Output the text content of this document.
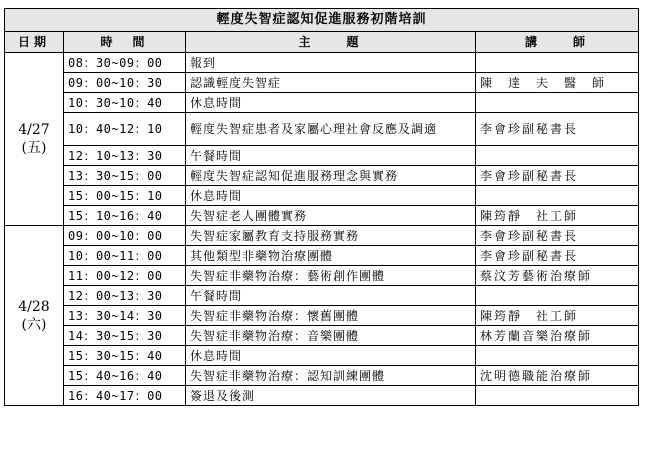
輕度失智症認知促進服務初階培訓			
日期	時　間	主　　題	講　　師

4/27
(五)	08：30~09：00	報到	
	09：00~10：30	認識輕度失智症	陳　達　夫　醫　師
	10：30~10：40	休息時間	
	10：40~12：10	輕度失智症患者及家屬心理社會反應及調適	李會珍副秘書長
	12：10~13：30	午餐時間	
	13：30~15：00	輕度失智症認知促進服務理念與實務	李會珍副秘書長
	15：00~15：10	休息時間	
	15：10~16：40	失智症老人團體實務	陳筠靜　社工師

4/28
(六)	09：00~10：00	失智症家屬教育支持服務實務	李會珍副秘書長
	10：00~11：00	其他類型非藥物治療團體	李會珍副秘書長
	11：00~12：00	失智症非藥物治療：藝術創作團體	蔡汶芳藝術治療師
	12：00~13：30	午餐時間	
	13：30~14：30	失智症非藥物治療：懷舊團體	陳筠靜　社工師
	14：30~15：30	失智症非藥物治療：音樂團體	林芳蘭音樂治療師
	15：30~15：40	休息時間	
	15：40~16：40	失智症非藥物治療：認知訓練團體	沈明德職能治療師
	16：40~17：00	簽退及後測	
